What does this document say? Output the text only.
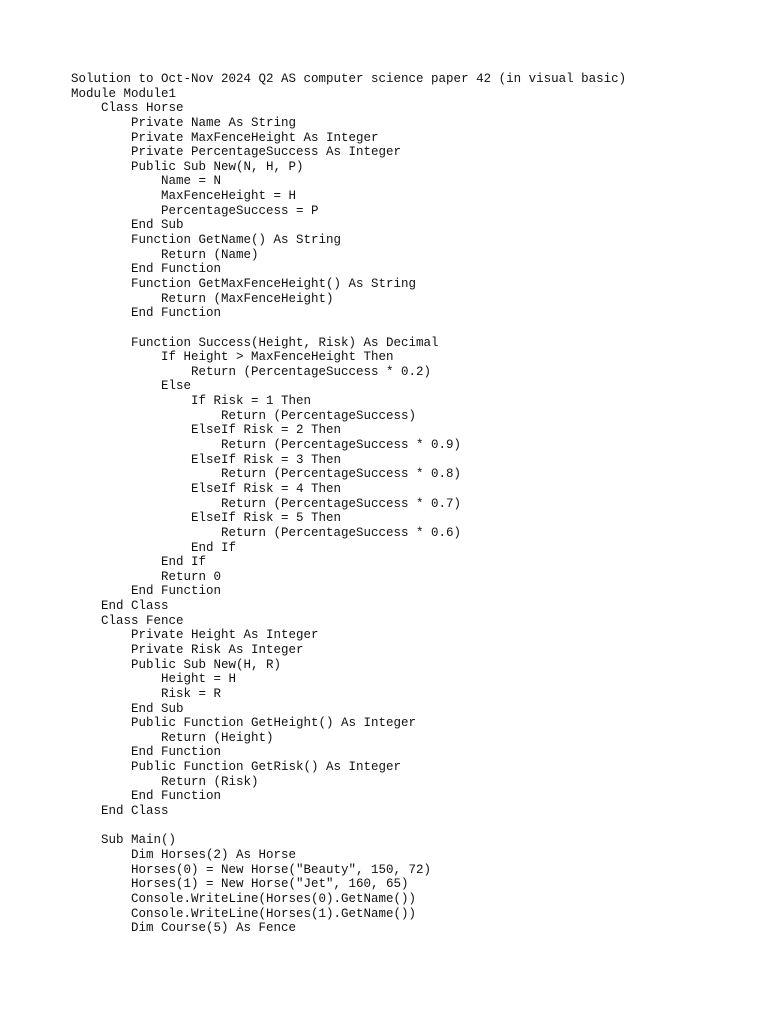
Solution to Oct-Nov 2024 Q2 AS computer science paper 42 (in visual basic)
Module Module1
Class Horse
Private Name As String
Private MaxFenceHeight As Integer
Private PercentageSuccess As Integer
Public Sub New(N, H, P)
Name = N
MaxFenceHeight = H
PercentageSuccess = P
End Sub
Function GetName() As String
Return (Name)
End Function
Function GetMaxFenceHeight() As String
Return (MaxFenceHeight)
End Function
Function Success(Height, Risk) As Decimal
If Height > MaxFenceHeight Then
Return (PercentageSuccess * 0.2)
Else
If Risk = 1 Then
Return (PercentageSuccess)
ElseIf Risk = 2 Then
Return (PercentageSuccess * 0.9)
ElseIf Risk = 3 Then
Return (PercentageSuccess * 0.8)
ElseIf Risk = 4 Then
Return (PercentageSuccess * 0.7)
ElseIf Risk = 5 Then
Return (PercentageSuccess * 0.6)
End If
End If
Return 0
End Function
End Class
Class Fence
Private Height As Integer
Private Risk As Integer
Public Sub New(H, R)
Height = H
Risk = R
End Sub
Public Function GetHeight() As Integer
Return (Height)
End Function
Public Function GetRisk() As Integer
Return (Risk)
End Function
End Class
Sub Main()
Dim Horses(2) As Horse
Horses(0) = New Horse("Beauty", 150, 72)
Horses(1) = New Horse("Jet", 160, 65)
Console.WriteLine(Horses(0).GetName())
Console.WriteLine(Horses(1).GetName())
Dim Course(5) As Fence
